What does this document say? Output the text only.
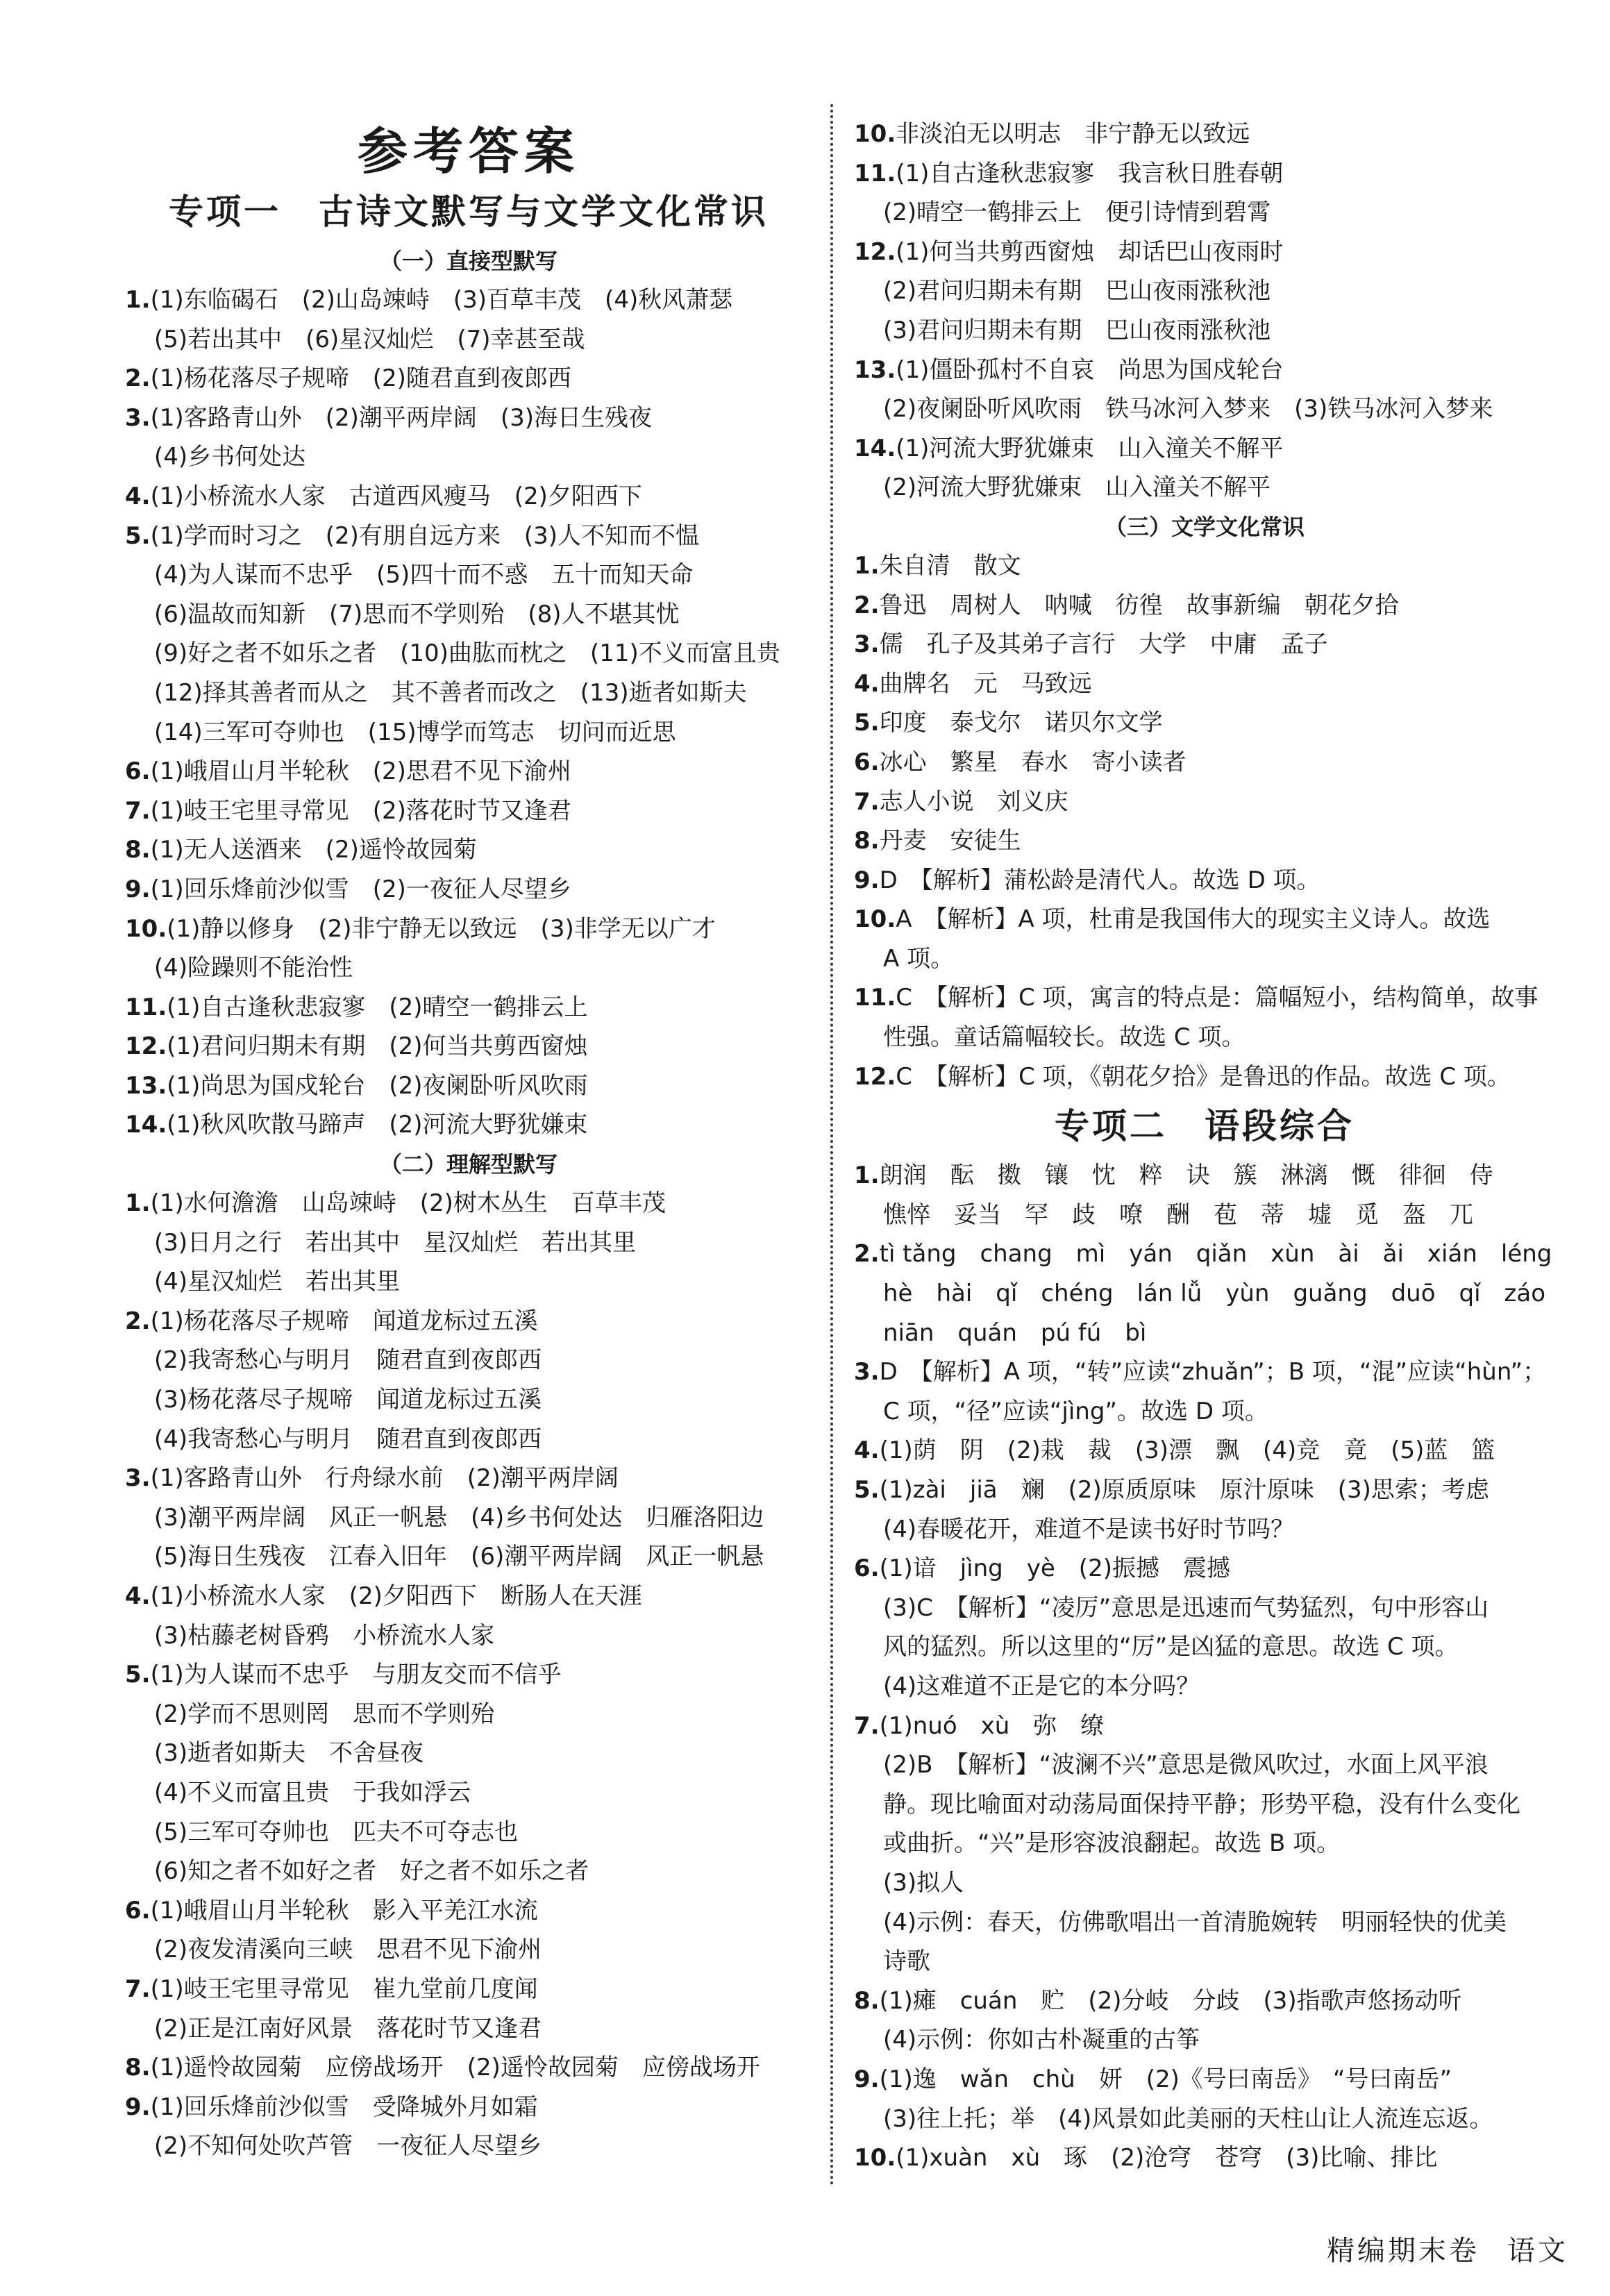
参考答案
专项一　古诗文默写与文学文化常识
（一）直接型默写
1.(1)东临碣石　(2)山岛竦峙　(3)百草丰茂　(4)秋风萧瑟
(5)若出其中　(6)星汉灿烂　(7)幸甚至哉
2.(1)杨花落尽子规啼　(2)随君直到夜郎西
3.(1)客路青山外　(2)潮平两岸阔　(3)海日生残夜
(4)乡书何处达
4.(1)小桥流水人家　古道西风瘦马　(2)夕阳西下
5.(1)学而时习之　(2)有朋自远方来　(3)人不知而不愠
(4)为人谋而不忠乎　(5)四十而不惑　五十而知天命
(6)温故而知新　(7)思而不学则殆　(8)人不堪其忧
(9)好之者不如乐之者　(10)曲肱而枕之　(11)不义而富且贵
(12)择其善者而从之　其不善者而改之　(13)逝者如斯夫
(14)三军可夺帅也　(15)博学而笃志　切问而近思
6.(1)峨眉山月半轮秋　(2)思君不见下渝州
7.(1)岐王宅里寻常见　(2)落花时节又逢君
8.(1)无人送酒来　(2)遥怜故园菊
9.(1)回乐烽前沙似雪　(2)一夜征人尽望乡
10.(1)静以修身　(2)非宁静无以致远　(3)非学无以广才
(4)险躁则不能治性
11.(1)自古逢秋悲寂寥　(2)晴空一鹤排云上
12.(1)君问归期未有期　(2)何当共剪西窗烛
13.(1)尚思为国戍轮台　(2)夜阑卧听风吹雨
14.(1)秋风吹散马蹄声　(2)河流大野犹嫌束
（二）理解型默写
1.(1)水何澹澹　山岛竦峙　(2)树木丛生　百草丰茂
(3)日月之行　若出其中　星汉灿烂　若出其里
(4)星汉灿烂　若出其里
2.(1)杨花落尽子规啼　闻道龙标过五溪
(2)我寄愁心与明月　随君直到夜郎西
(3)杨花落尽子规啼　闻道龙标过五溪
(4)我寄愁心与明月　随君直到夜郎西
3.(1)客路青山外　行舟绿水前　(2)潮平两岸阔
(3)潮平两岸阔　风正一帆悬　(4)乡书何处达　归雁洛阳边
(5)海日生残夜　江春入旧年　(6)潮平两岸阔　风正一帆悬
4.(1)小桥流水人家　(2)夕阳西下　断肠人在天涯
(3)枯藤老树昏鸦　小桥流水人家
5.(1)为人谋而不忠乎　与朋友交而不信乎
(2)学而不思则罔　思而不学则殆
(3)逝者如斯夫　不舍昼夜
(4)不义而富且贵　于我如浮云
(5)三军可夺帅也　匹夫不可夺志也
(6)知之者不如好之者　好之者不如乐之者
6.(1)峨眉山月半轮秋　影入平羌江水流
(2)夜发清溪向三峡　思君不见下渝州
7.(1)岐王宅里寻常见　崔九堂前几度闻
(2)正是江南好风景　落花时节又逢君
8.(1)遥怜故园菊　应傍战场开　(2)遥怜故园菊　应傍战场开
9.(1)回乐烽前沙似雪　受降城外月如霜
(2)不知何处吹芦管　一夜征人尽望乡
10.非淡泊无以明志　非宁静无以致远
11.(1)自古逢秋悲寂寥　我言秋日胜春朝
(2)晴空一鹤排云上　便引诗情到碧霄
12.(1)何当共剪西窗烛　却话巴山夜雨时
(2)君问归期未有期　巴山夜雨涨秋池
(3)君问归期未有期　巴山夜雨涨秋池
13.(1)僵卧孤村不自哀　尚思为国戍轮台
(2)夜阑卧听风吹雨　铁马冰河入梦来　(3)铁马冰河入梦来
14.(1)河流大野犹嫌束　山入潼关不解平
(2)河流大野犹嫌束　山入潼关不解平
（三）文学文化常识
1.朱自清　散文
2.鲁迅　周树人　呐喊　彷徨　故事新编　朝花夕拾
3.儒　孔子及其弟子言行　大学　中庸　孟子
4.曲牌名　元　马致远
5.印度　泰戈尔　诺贝尔文学
6.冰心　繁星　春水　寄小读者
7.志人小说　刘义庆
8.丹麦　安徒生
9.D　【解析】蒲松龄是清代人。故选 D 项。
10.A　【解析】A 项，杜甫是我国伟大的现实主义诗人。故选
A 项。
11.C　【解析】C 项，寓言的特点是：篇幅短小，结构简单，故事
性强。童话篇幅较长。故选 C 项。
12.C　【解析】C 项，《朝花夕拾》是鲁迅的作品。故选 C 项。
专项二　语段综合
1.朗润　酝　擞　镶　忱　粹　诀　簇　淋漓　慨　徘徊　侍
憔悴　妥当　罕　歧　嘹　酬　苞　蒂　墟　觅　盔　兀
2.tì tǎng　chang　mì　yán　qiǎn　xùn　ài　ǎi　xián　léng
hè　hài　qǐ　chéng　lán lǚ　yùn　guǎng　duō　qǐ　záo
niān　quán　pú fú　bì
3.D　【解析】A 项，“转”应读“zhuǎn”；B 项，“混”应读“hùn”；
C 项，“径”应读“jìng”。故选 D 项。
4.(1)荫　阴　(2)栽　裁　(3)漂　飘　(4)竞　竟　(5)蓝　篮
5.(1)zài　jiā　斓　(2)原质原味　原汁原味　(3)思索；考虑
(4)春暖花开，难道不是读书好时节吗？
6.(1)谙　jìng　yè　(2)振撼　震撼
(3)C　【解析】“凌厉”意思是迅速而气势猛烈，句中形容山
风的猛烈。所以这里的“厉”是凶猛的意思。故选 C 项。
(4)这难道不正是它的本分吗？
7.(1)nuó　xù　弥　缭
(2)B　【解析】“波澜不兴”意思是微风吹过，水面上风平浪
静。现比喻面对动荡局面保持平静；形势平稳，没有什么变化
或曲折。“兴”是形容波浪翻起。故选 B 项。
(3)拟人
(4)示例：春天，仿佛歌唱出一首清脆婉转　明丽轻快的优美
诗歌
8.(1)瘫　cuán　贮　(2)分岐　分歧　(3)指歌声悠扬动听
(4)示例：你如古朴凝重的古筝
9.(1)逸　wǎn　chù　妍　(2)《号曰南岳》　“号曰南岳”
(3)往上托；举　(4)风景如此美丽的天柱山让人流连忘返。
10.(1)xuàn　xù　琢　(2)沧穹　苍穹　(3)比喻、排比
精编期末卷 语文
